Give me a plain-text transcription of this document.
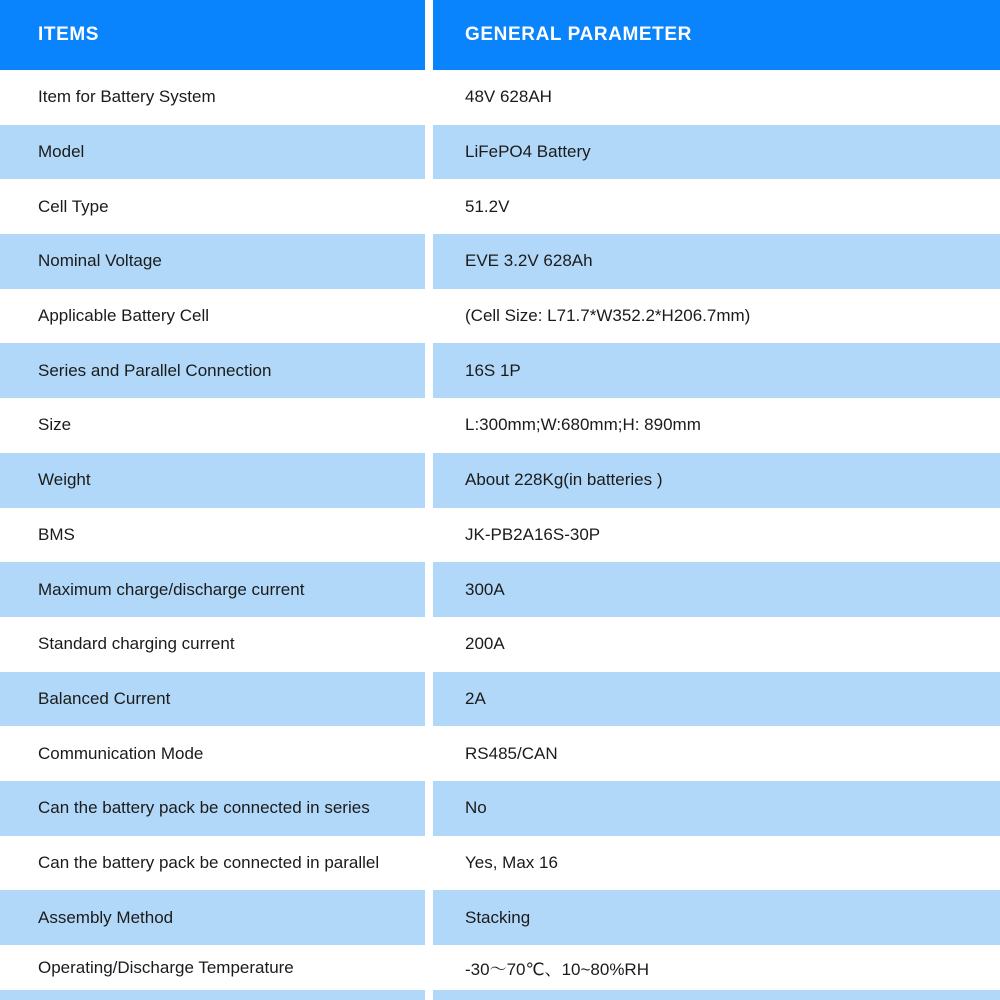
ITEMS	GENERAL PARAMETER
Item for Battery System	48V 628AH
Model	LiFePO4 Battery
Cell Type	51.2V
Nominal Voltage	EVE 3.2V 628Ah
Applicable Battery Cell	(Cell Size: L71.7*W352.2*H206.7mm)
Series and Parallel Connection	16S 1P
Size	L:300mm;W:680mm;H: 890mm
Weight	About 228Kg(in batteries )
BMS	JK-PB2A16S-30P
Maximum charge/discharge current	300A
Standard charging current	200A
Balanced Current	2A
Communication Mode	RS485/CAN
Can the battery pack be connected in series	No
Can the battery pack be connected in parallel	Yes, Max 16
Assembly Method	Stacking
Operating/Discharge Temperature	-30〜70℃、10~80%RH
